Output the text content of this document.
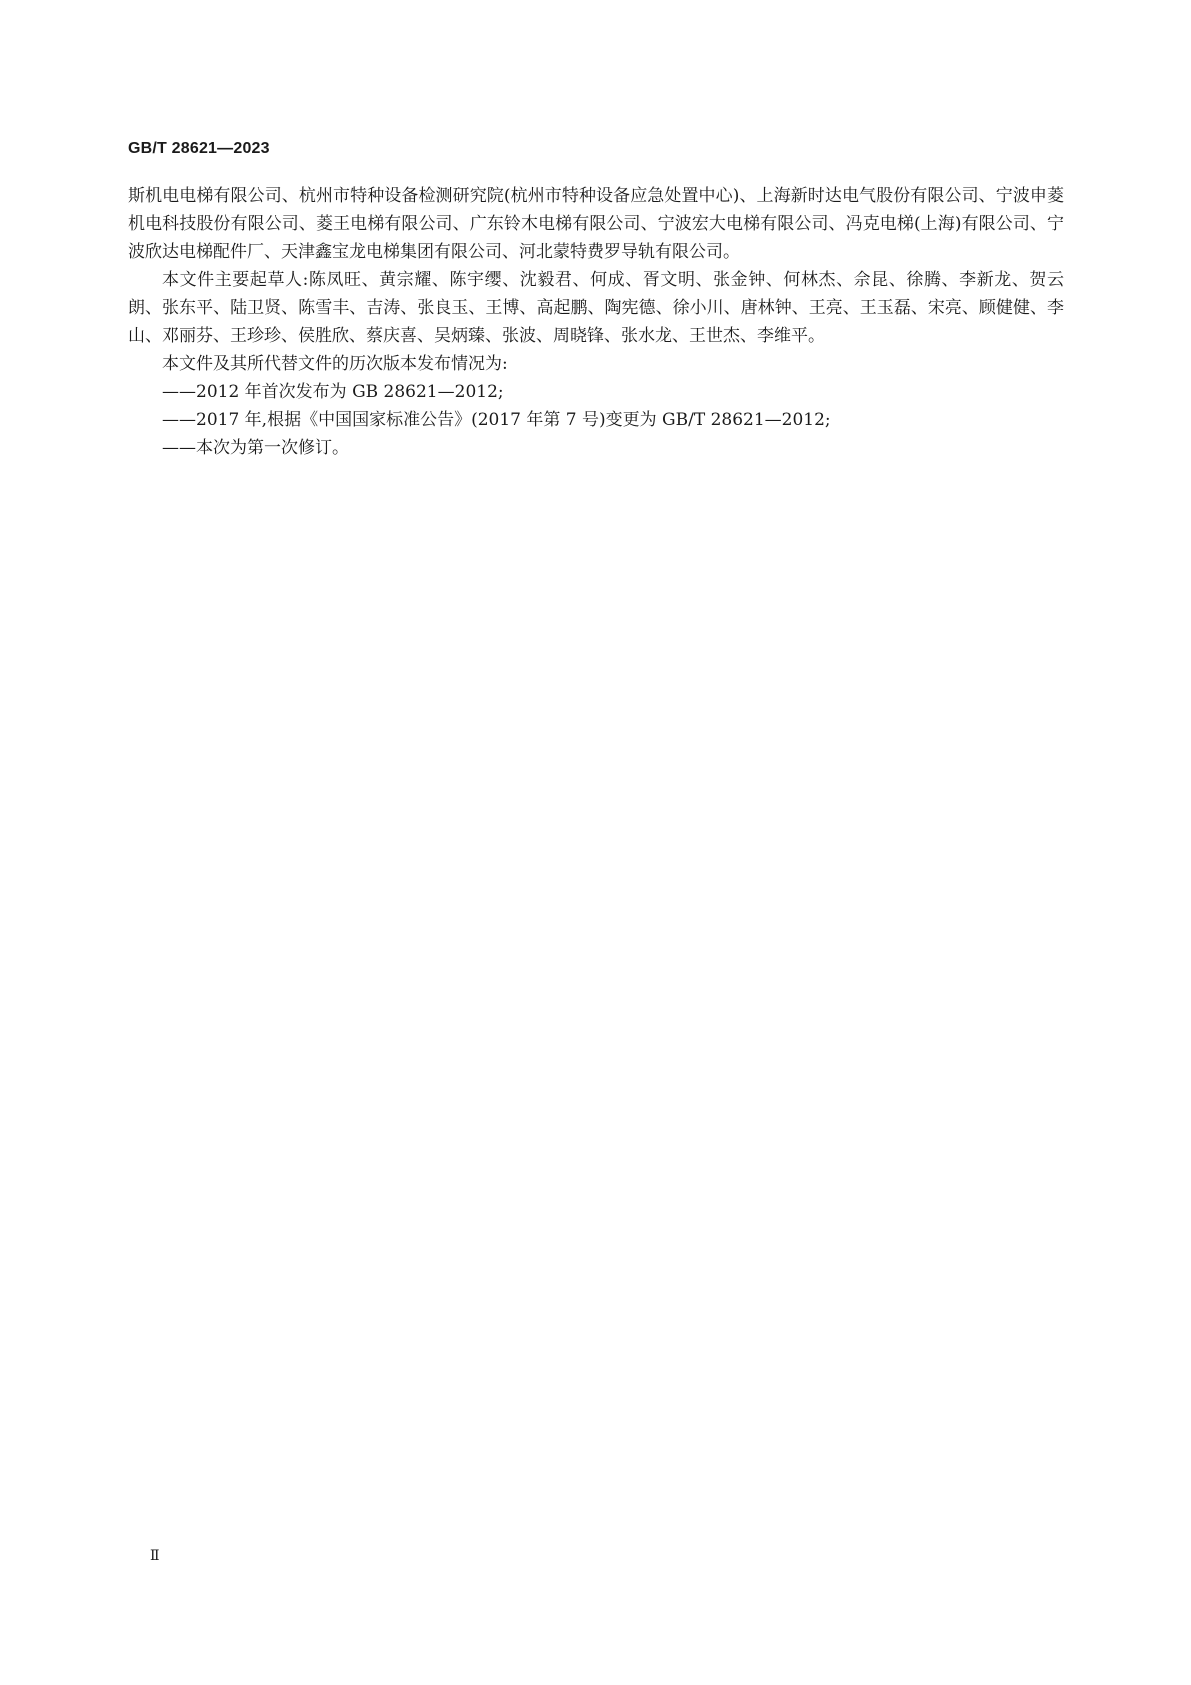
GB/T 28621—2023

斯机电电梯有限公司、杭州市特种设备检测研究院(杭州市特种设备应急处置中心)、上海新时达电气股份有限公司、宁波申菱机电科技股份有限公司、菱王电梯有限公司、广东铃木电梯有限公司、宁波宏大电梯有限公司、冯克电梯(上海)有限公司、宁波欣达电梯配件厂、天津鑫宝龙电梯集团有限公司、河北蒙特费罗导轨有限公司。

本文件主要起草人:陈凤旺、黄宗耀、陈宇缨、沈毅君、何成、胥文明、张金钟、何林杰、佘昆、徐腾、李新龙、贺云朗、张东平、陆卫贤、陈雪丰、吉涛、张良玉、王博、高起鹏、陶宪德、徐小川、唐林钟、王亮、王玉磊、宋亮、顾健健、李山、邓丽芬、王珍珍、侯胜欣、蔡庆喜、吴炳臻、张波、周晓锋、张水龙、王世杰、李维平。

本文件及其所代替文件的历次版本发布情况为:

——2012 年首次发布为 GB 28621—2012;

——2017 年,根据《中国国家标准公告》(2017 年第 7 号)变更为 GB/T 28621—2012;

——本次为第一次修订。

Ⅱ
